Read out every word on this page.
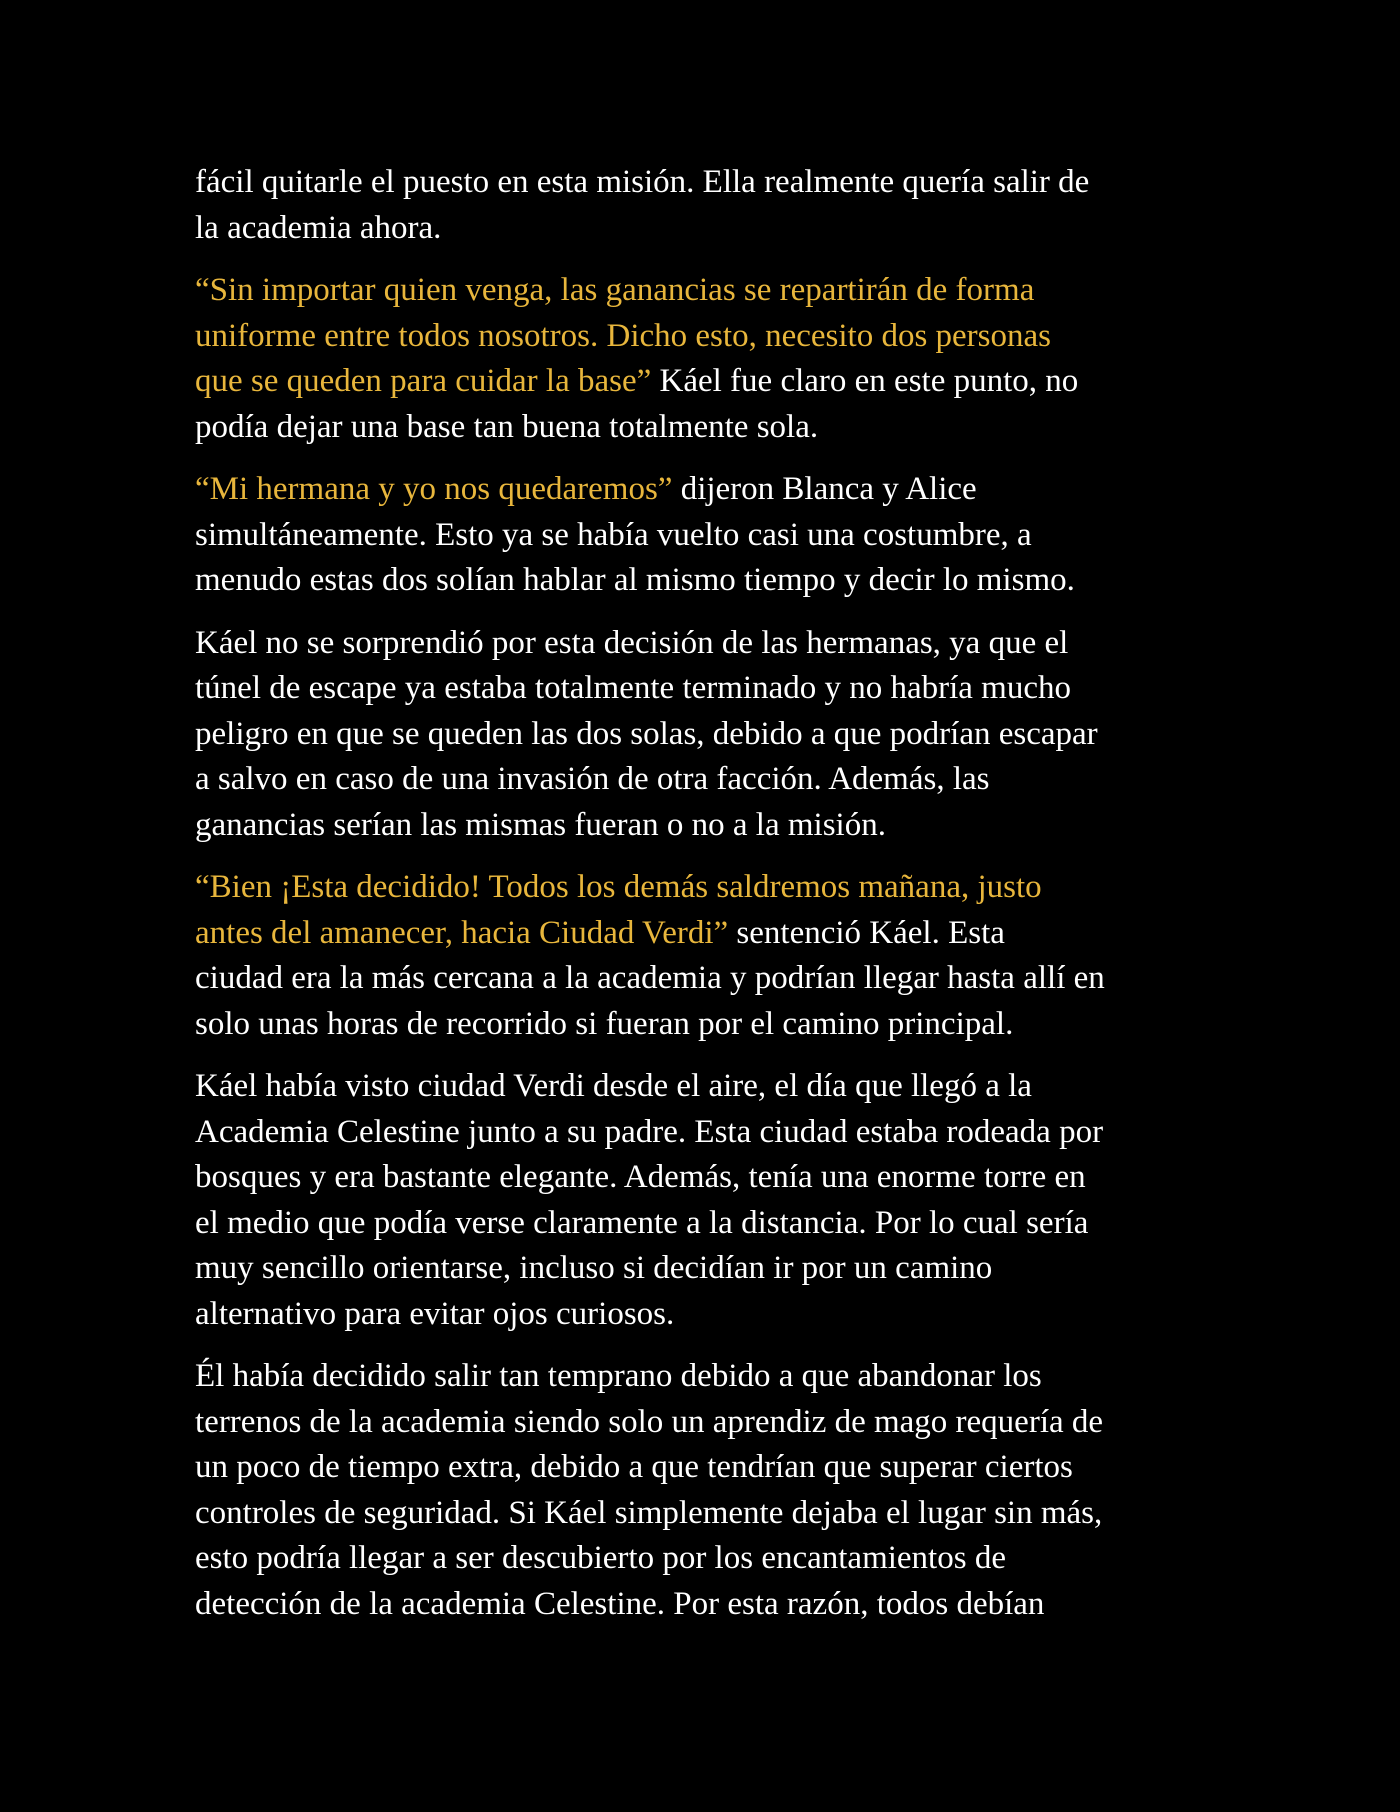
fácil quitarle el puesto en esta misión. Ella realmente quería salir de
la academia ahora.

“Sin importar quien venga, las ganancias se repartirán de forma
uniforme entre todos nosotros. Dicho esto, necesito dos personas
que se queden para cuidar la base” Káel fue claro en este punto, no
podía dejar una base tan buena totalmente sola.

“Mi hermana y yo nos quedaremos” dijeron Blanca y Alice
simultáneamente. Esto ya se había vuelto casi una costumbre, a
menudo estas dos solían hablar al mismo tiempo y decir lo mismo.

Káel no se sorprendió por esta decisión de las hermanas, ya que el
túnel de escape ya estaba totalmente terminado y no habría mucho
peligro en que se queden las dos solas, debido a que podrían escapar
a salvo en caso de una invasión de otra facción. Además, las
ganancias serían las mismas fueran o no a la misión.

“Bien ¡Esta decidido! Todos los demás saldremos mañana, justo
antes del amanecer, hacia Ciudad Verdi” sentenció Káel. Esta
ciudad era la más cercana a la academia y podrían llegar hasta allí en
solo unas horas de recorrido si fueran por el camino principal.

Káel había visto ciudad Verdi desde el aire, el día que llegó a la
Academia Celestine junto a su padre. Esta ciudad estaba rodeada por
bosques y era bastante elegante. Además, tenía una enorme torre en
el medio que podía verse claramente a la distancia. Por lo cual sería
muy sencillo orientarse, incluso si decidían ir por un camino
alternativo para evitar ojos curiosos.

Él había decidido salir tan temprano debido a que abandonar los
terrenos de la academia siendo solo un aprendiz de mago requería de
un poco de tiempo extra, debido a que tendrían que superar ciertos
controles de seguridad. Si Káel simplemente dejaba el lugar sin más,
esto podría llegar a ser descubierto por los encantamientos de
detección de la academia Celestine. Por esta razón, todos debían
